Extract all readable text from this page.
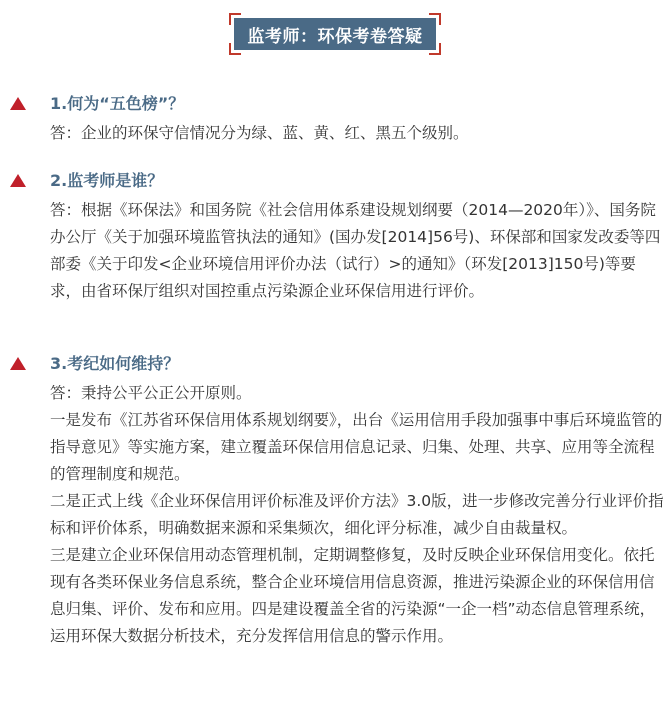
监考师：环保考卷答疑
1.何为“五色榜”？

答：企业的环保守信情况分为绿、蓝、黄、红、黑五个级别。

2.监考师是谁？

答：根据《环保法》和国务院《社会信用体系建设规划纲要（2014—2020年）》、国务院办公厅《关于加强环境监管执法的通知》(国办发[2014]56号)、环保部和国家发改委等四部委《关于印发<企业环境信用评价办法（试行）>的通知》（环发[2013]150号)等要求，由省环保厅组织对国控重点污染源企业环保信用进行评价。

3.考纪如何维持？

答：秉持公平公正公开原则。

一是发布《江苏省环保信用体系规划纲要》，出台《运用信用手段加强事中事后环境监管的指导意见》等实施方案，建立覆盖环保信用信息记录、归集、处理、共享、应用等全流程的管理制度和规范。

二是正式上线《企业环保信用评价标准及评价方法》3.0版，进一步修改完善分行业评价指标和评价体系，明确数据来源和采集频次，细化评分标准，减少自由裁量权。

三是建立企业环保信用动态管理机制，定期调整修复，及时反映企业环保信用变化。依托现有各类环保业务信息系统，整合企业环境信用信息资源，推进污染源企业的环保信用信息归集、评价、发布和应用。四是建设覆盖全省的污染源“一企一档”动态信息管理系统，运用环保大数据分析技术，充分发挥信用信息的警示作用。
